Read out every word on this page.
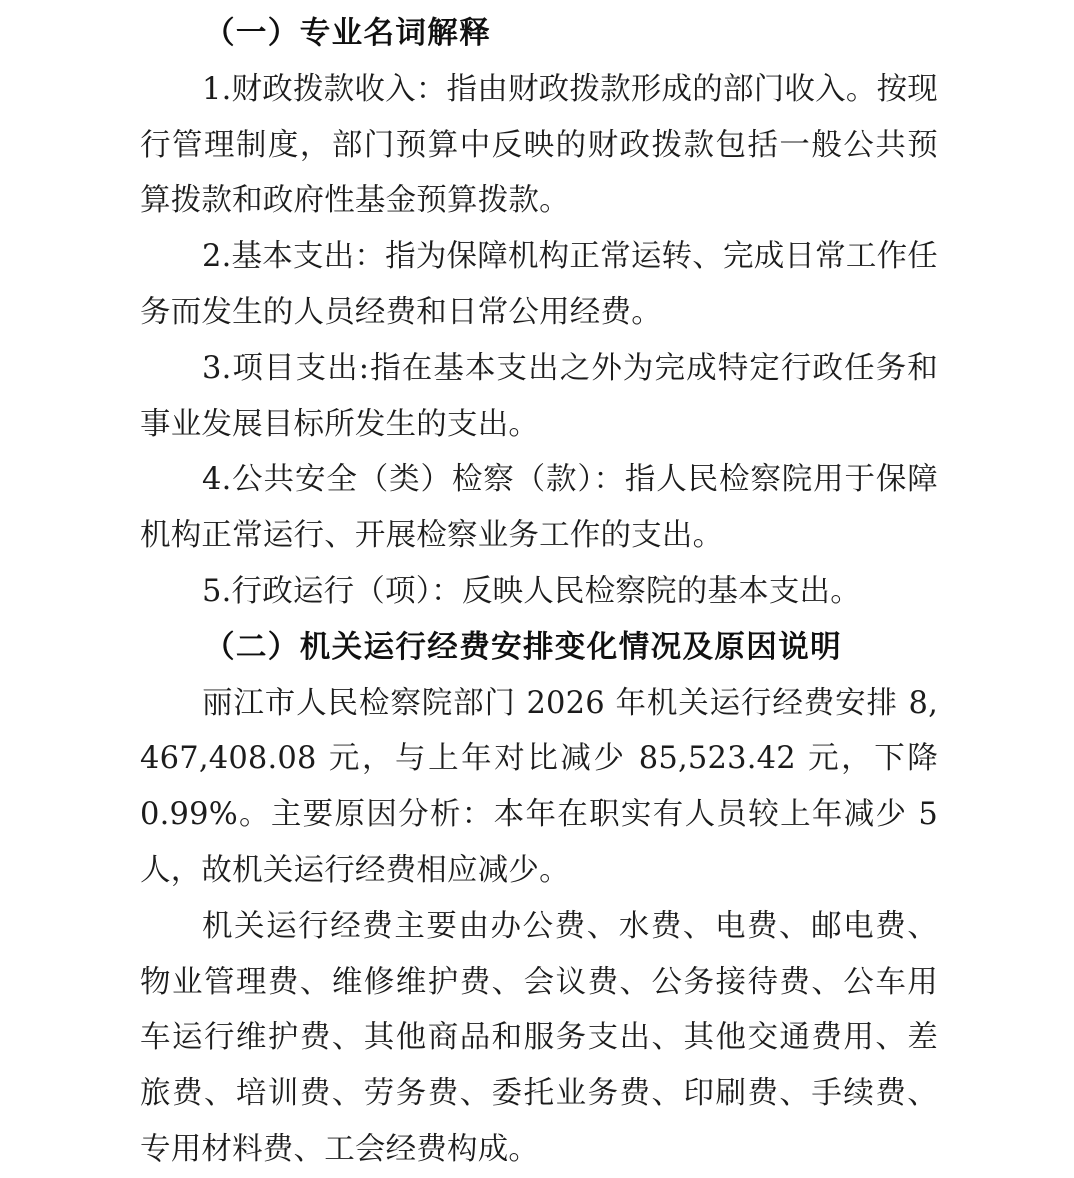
（一）专业名词解释

1.财政拨款收入：指由财政拨款形成的部门收入。按现行管理制度，部门预算中反映的财政拨款包括一般公共预算拨款和政府性基金预算拨款。

2.基本支出：指为保障机构正常运转、完成日常工作任务而发生的人员经费和日常公用经费。

3.项目支出:指在基本支出之外为完成特定行政任务和事业发展目标所发生的支出。

4.公共安全（类）检察（款）：指人民检察院用于保障机构正常运行、开展检察业务工作的支出。

5.行政运行（项）：反映人民检察院的基本支出。

（二）机关运行经费安排变化情况及原因说明

丽江市人民检察院部门 2026 年机关运行经费安排 8,467,408.08 元，与上年对比减少 85,523.42 元，下降 0.99%。主要原因分析：本年在职实有人员较上年减少 5 人，故机关运行经费相应减少。

机关运行经费主要由办公费、水费、电费、邮电费、物业管理费、维修维护费、会议费、公务接待费、公车用车运行维护费、其他商品和服务支出、其他交通费用、差旅费、培训费、劳务费、委托业务费、印刷费、手续费、专用材料费、工会经费构成。
